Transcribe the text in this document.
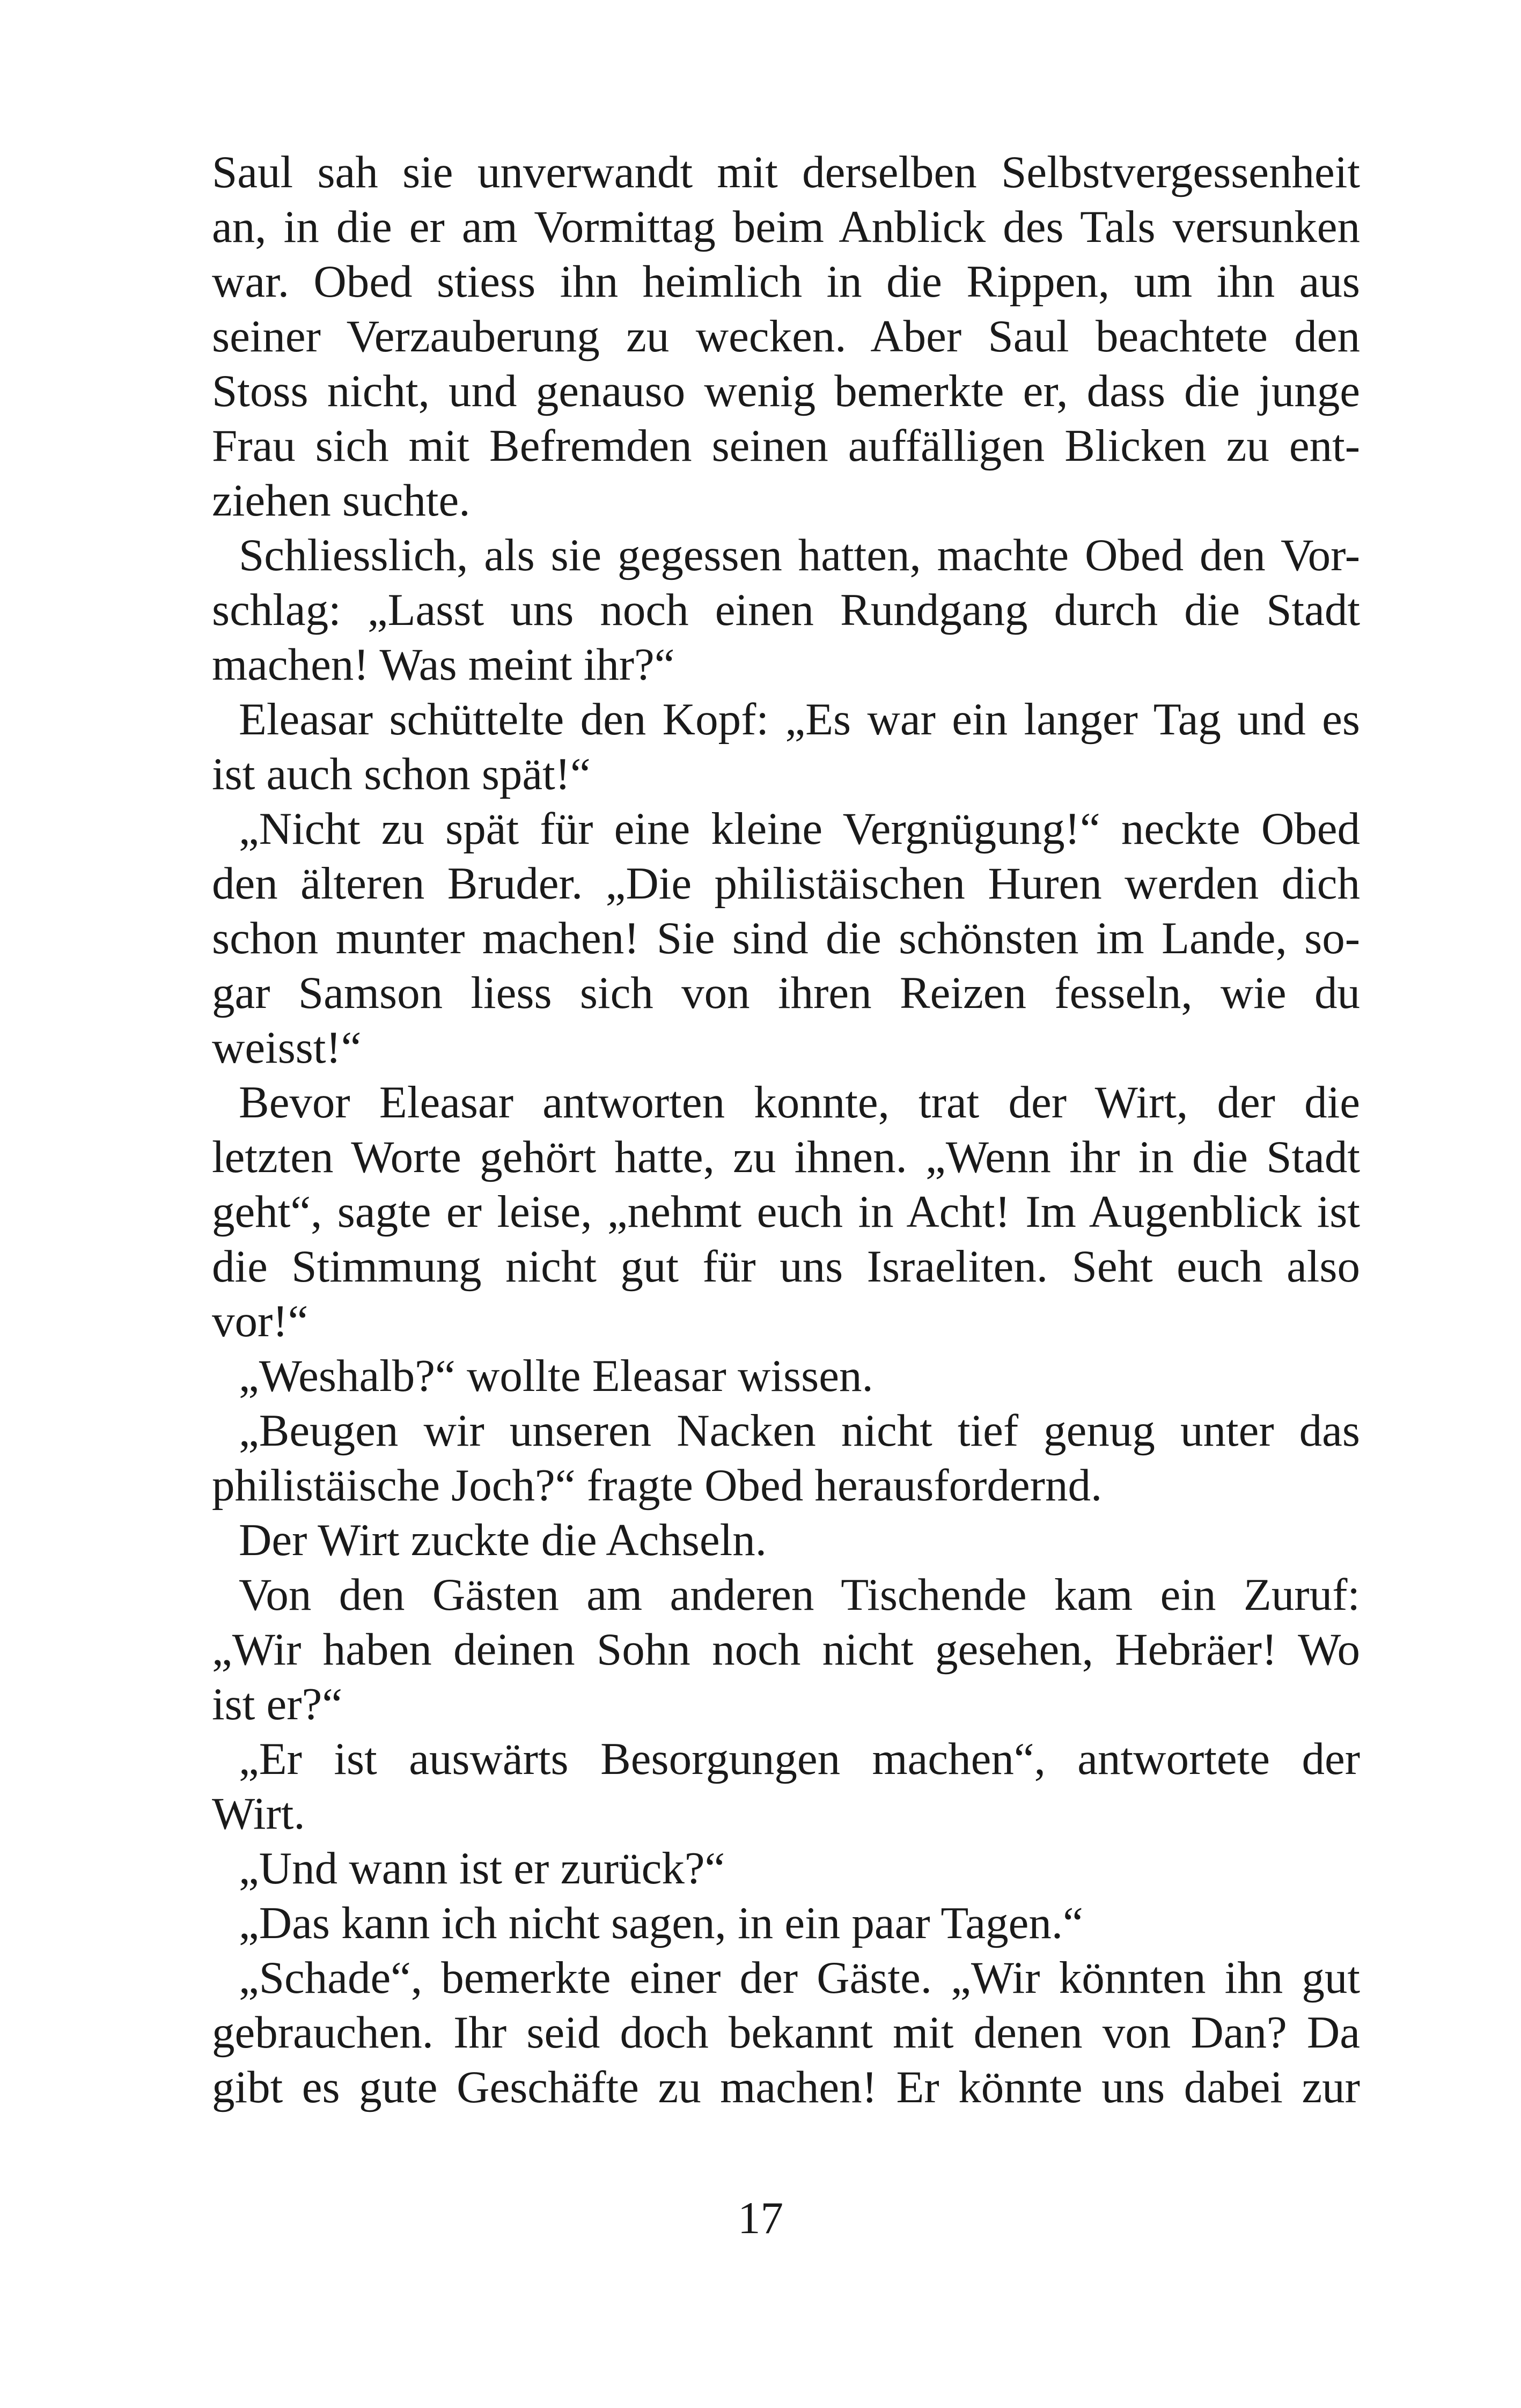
Saul sah sie unverwandt mit derselben Selbstvergessenheit
an, in die er am Vormittag beim Anblick des Tals versunken
war. Obed stiess ihn heimlich in die Rippen, um ihn aus
seiner Verzauberung zu wecken. Aber Saul beachtete den
Stoss nicht, und genauso wenig bemerkte er, dass die junge
Frau sich mit Befremden seinen auffälligen Blicken zu ent-
ziehen suchte.
Schliesslich, als sie gegessen hatten, machte Obed den Vor-
schlag: „Lasst uns noch einen Rundgang durch die Stadt
machen! Was meint ihr?“
Eleasar schüttelte den Kopf: „Es war ein langer Tag und es
ist auch schon spät!“
„Nicht zu spät für eine kleine Vergnügung!“ neckte Obed
den älteren Bruder. „Die philistäischen Huren werden dich
schon munter machen! Sie sind die schönsten im Lande, so-
gar Samson liess sich von ihren Reizen fesseln, wie du
weisst!“
Bevor Eleasar antworten konnte, trat der Wirt, der die
letzten Worte gehört hatte, zu ihnen. „Wenn ihr in die Stadt
geht“, sagte er leise, „nehmt euch in Acht! Im Augenblick ist
die Stimmung nicht gut für uns Israeliten. Seht euch also
vor!“
„Weshalb?“ wollte Eleasar wissen.
„Beugen wir unseren Nacken nicht tief genug unter das
philistäische Joch?“ fragte Obed herausfordernd.
Der Wirt zuckte die Achseln.
Von den Gästen am anderen Tischende kam ein Zuruf:
„Wir haben deinen Sohn noch nicht gesehen, Hebräer! Wo
ist er?“
„Er ist auswärts Besorgungen machen“, antwortete der
Wirt.
„Und wann ist er zurück?“
„Das kann ich nicht sagen, in ein paar Tagen.“
„Schade“, bemerkte einer der Gäste. „Wir könnten ihn gut
gebrauchen. Ihr seid doch bekannt mit denen von Dan? Da
gibt es gute Geschäfte zu machen! Er könnte uns dabei zur
17
